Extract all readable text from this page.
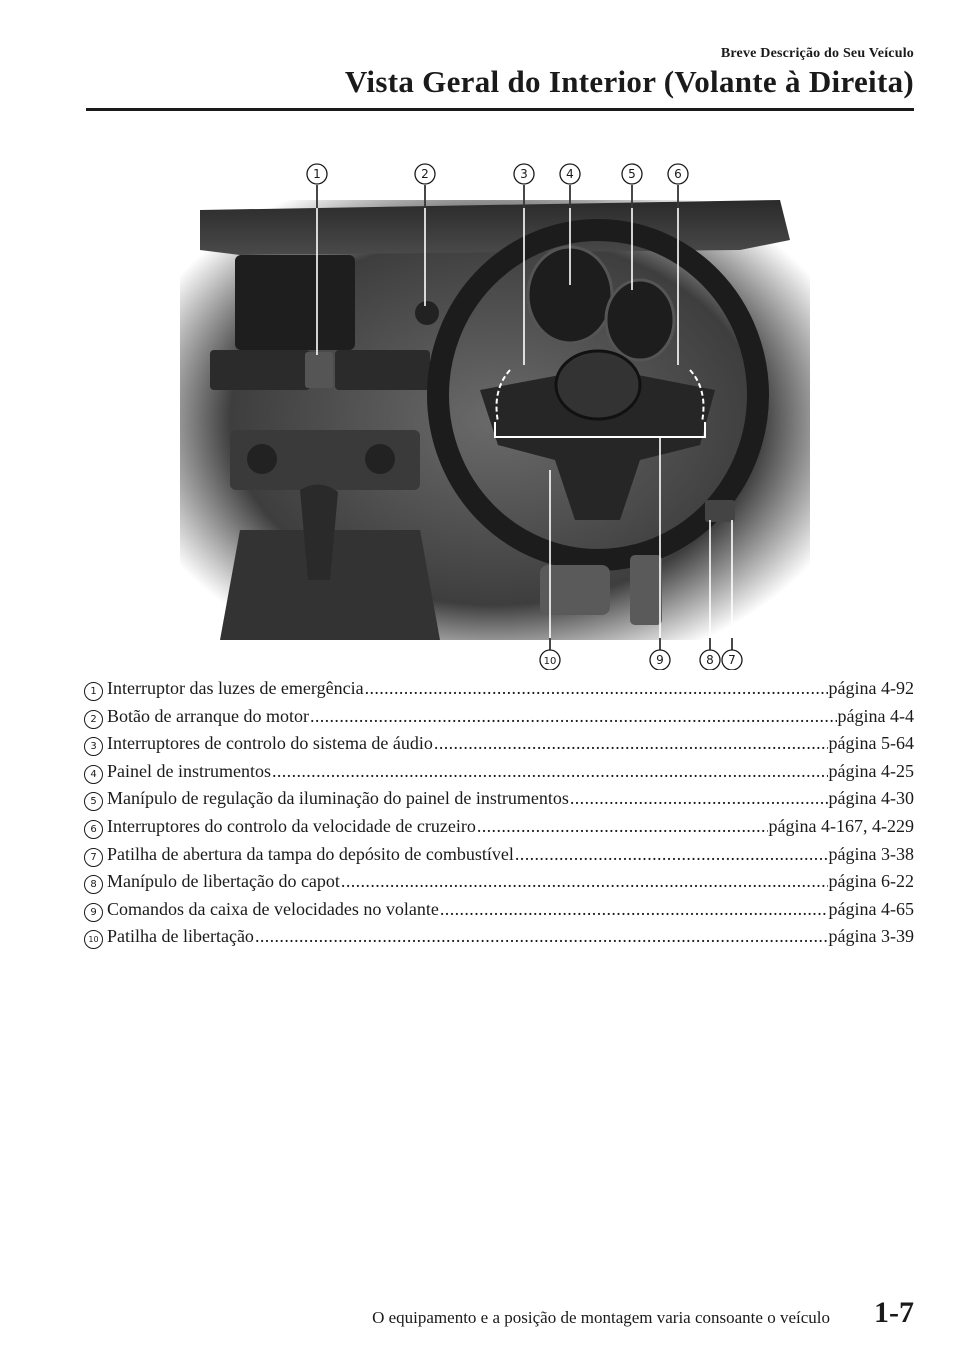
Breve Descrição do Seu Veículo
Vista Geral do Interior (Volante à Direita)
1	2	3	4	5	6
10	9	8 7
1 Interruptor das luzes de emergência .....	página 4-92
2 Botão de arranque do motor .....	página 4-4
3 Interruptores de controlo do sistema de áudio .....	página 5-64
4 Painel de instrumentos .....	página 4-25
5 Manípulo de regulação da iluminação do painel de instrumentos .....	página 4-30
6 Interruptores do controlo da velocidade de cruzeiro .....	página 4-167, 4-229
7 Patilha de abertura da tampa do depósito de combustível .....	página 3-38
8 Manípulo de libertação do capot .....	página 6-22
9 Comandos da caixa de velocidades no volante .....	página 4-65
10 Patilha de libertação .....	página 3-39
O equipamento e a posição de montagem varia consoante o veículo 1-7
